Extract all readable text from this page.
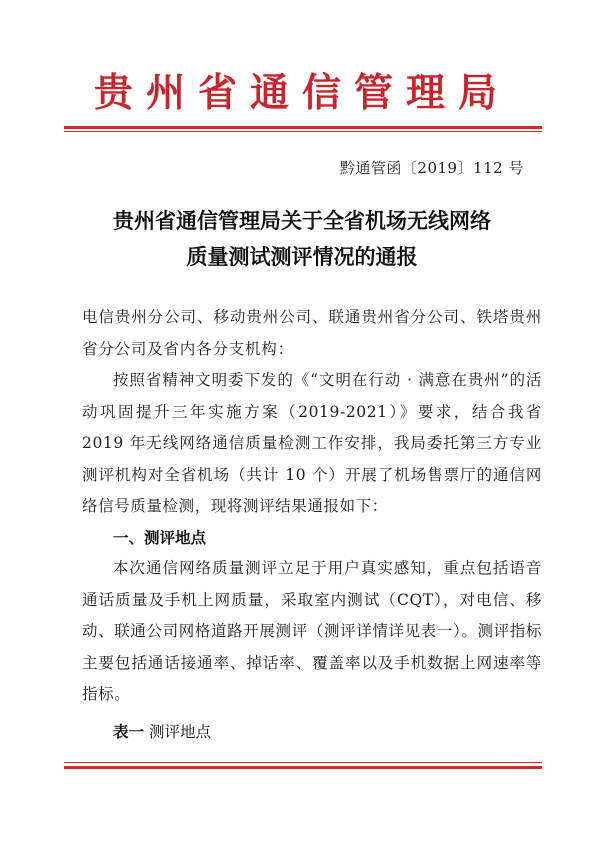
贵州省通信管理局
黔通管函〔2019〕112 号
贵州省通信管理局关于全省机场无线网络
质量测试测评情况的通报
电信贵州分公司、移动贵州公司、联通贵州省分公司、铁塔贵州省分公司及省内各分支机构：
按照省精神文明委下发的《“文明在行动 · 满意在贵州”的活动巩固提升三年实施方案（2019-2021）》要求，结合我省 2019 年无线网络通信质量检测工作安排，我局委托第三方专业测评机构对全省机场（共计 10 个）开展了机场售票厅的通信网络信号质量检测，现将测评结果通报如下：
一、测评地点
本次通信网络质量测评立足于用户真实感知，重点包括语音通话质量及手机上网质量，采取室内测试（CQT），对电信、移动、联通公司网格道路开展测评（测评详情详见表一）。测评指标主要包括通话接通率、掉话率、覆盖率以及手机数据上网速率等指标。
表一 测评地点
